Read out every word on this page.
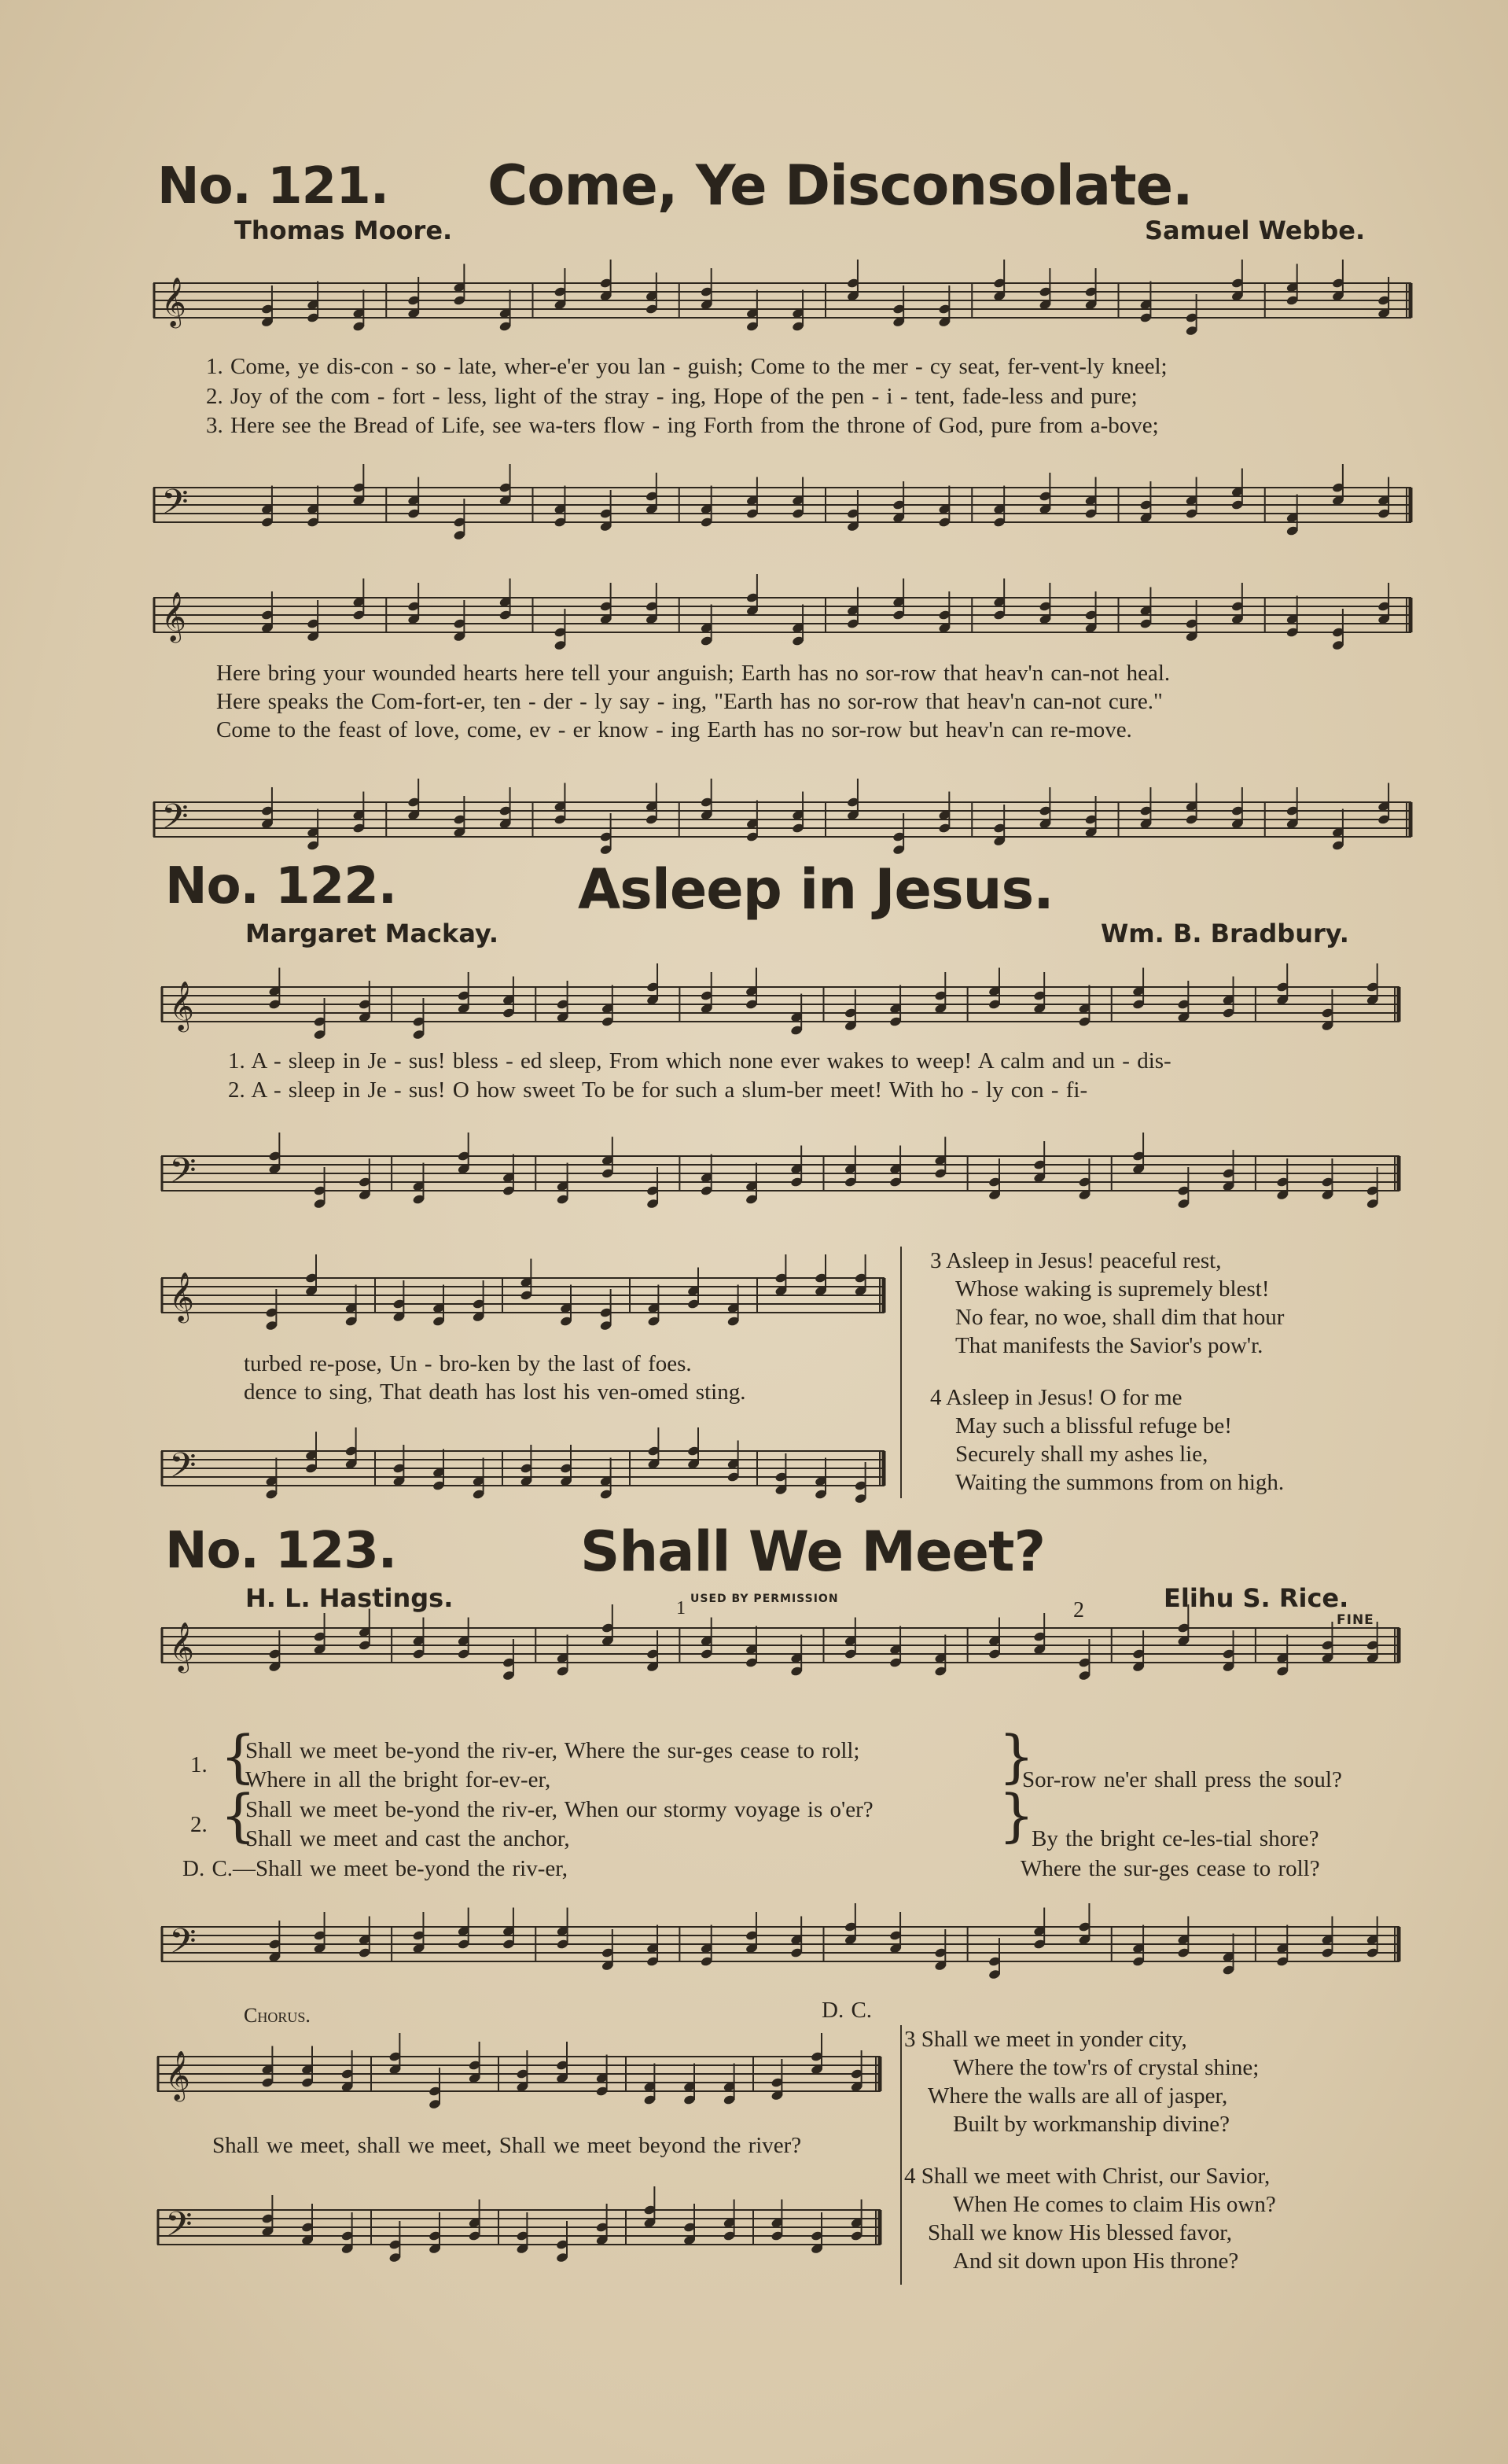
No. 121. Come, Ye Disconsolate.
Thomas Moore.	Samuel Webbe.
𝄞
1. Come, ye dis-con - so - late, wher-e'er you lan - guish; Come to the mer - cy seat, fer-vent-ly kneel;
2. Joy of the com - fort - less, light of the stray - ing, Hope of the pen - i - tent, fade-less and pure;
3. Here see the Bread of Life, see wa-ters flow - ing Forth from the throne of God, pure from a-bove;
𝄢
𝄞
Here bring your wounded hearts here tell your anguish; Earth has no sor-row that heav'n can-not heal.
Here speaks the Com-fort-er, ten - der - ly say - ing, "Earth has no sor-row that heav'n can-not cure."
Come to the feast of love, come, ev - er know - ing Earth has no sor-row but heav'n can re-move.
𝄢
No. 122.	Asleep in Jesus.
Margaret Mackay.	Wm. B. Bradbury.
𝄞
1. A - sleep in Je - sus! bless - ed sleep, From which none ever wakes to weep! A calm and un - dis-
2. A - sleep in Je - sus! O how sweet To be for such a slum-ber meet! With ho - ly con - fi-
𝄢
𝄞
turbed re-pose, Un - bro-ken by the last of foes.
dence to sing, That death has lost his ven-omed sting.
𝄢
3 Asleep in Jesus! peaceful rest,
Whose waking is supremely blest!
No fear, no woe, shall dim that hour
That manifests the Savior's pow'r.
4 Asleep in Jesus! O for me
May such a blissful refuge be!
Securely shall my ashes lie,
Waiting the summons from on high.
No. 123.	Shall We Meet?
H. L. Hastings.	USED BY PERMISSION	Elihu S. Rice.
𝄞
1	2	FINE
1. {
Shall we meet be-yond the riv-er, Where the sur-ges cease to roll;
Where in all the bright for-ev-er,	}
Sor-row ne'er shall press the soul?
2. {
Shall we meet be-yond the riv-er, When our stormy voyage is o'er?
Shall we meet and cast the anchor,	}
By the bright ce-les-tial shore?
D. C.—Shall we meet be-yond the riv-er,	Where the sur-ges cease to roll?
𝄢
Chorus.	D. C.
𝄞
Shall we meet, shall we meet, Shall we meet beyond the river?
𝄢
3 Shall we meet in yonder city,
Where the tow'rs of crystal shine;
Where the walls are all of jasper,
Built by workmanship divine?
4 Shall we meet with Christ, our Savior,
When He comes to claim His own?
Shall we know His blessed favor,
And sit down upon His throne?
